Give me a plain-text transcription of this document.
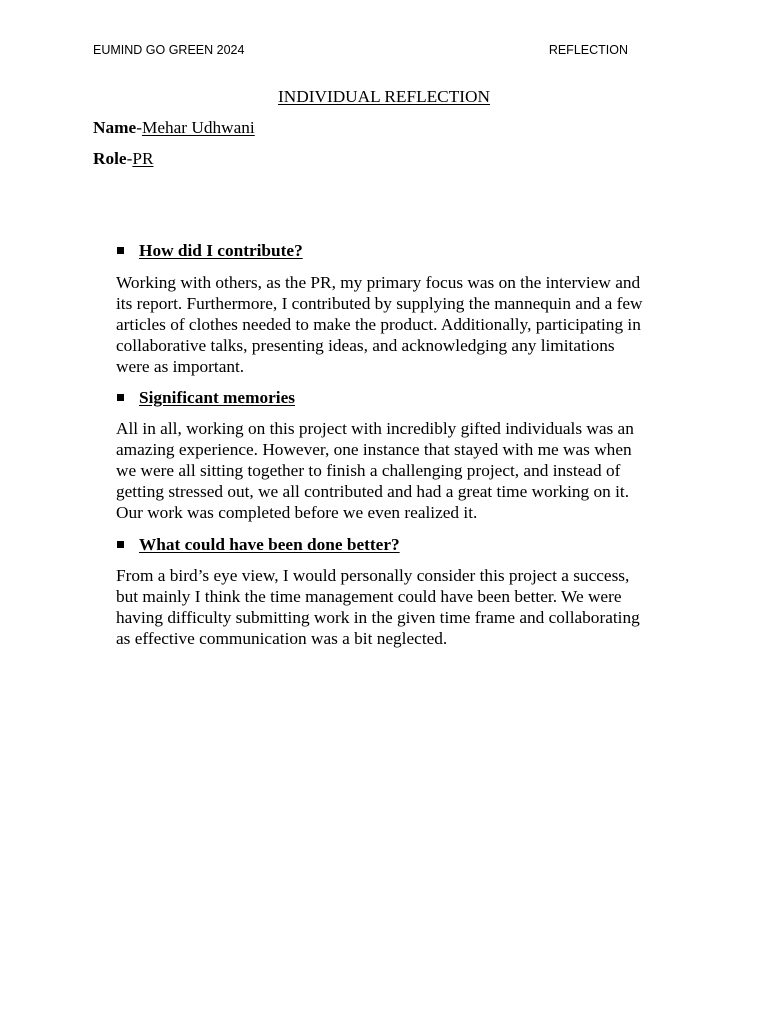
EUMIND GO GREEN 2024	REFLECTION
INDIVIDUAL REFLECTION
Name-Mehar Udhwani
Role-PR
How did I contribute?
Working with others, as the PR, my primary focus was on the interview and
its report. Furthermore, I contributed by supplying the mannequin and a few
articles of clothes needed to make the product. Additionally, participating in
collaborative talks, presenting ideas, and acknowledging any limitations
were as important.
Significant memories
All in all, working on this project with incredibly gifted individuals was an
amazing experience. However, one instance that stayed with me was when
we were all sitting together to finish a challenging project, and instead of
getting stressed out, we all contributed and had a great time working on it.
Our work was completed before we even realized it.
What could have been done better?
From a bird’s eye view, I would personally consider this project a success,
but mainly I think the time management could have been better. We were
having difficulty submitting work in the given time frame and collaborating
as effective communication was a bit neglected.
